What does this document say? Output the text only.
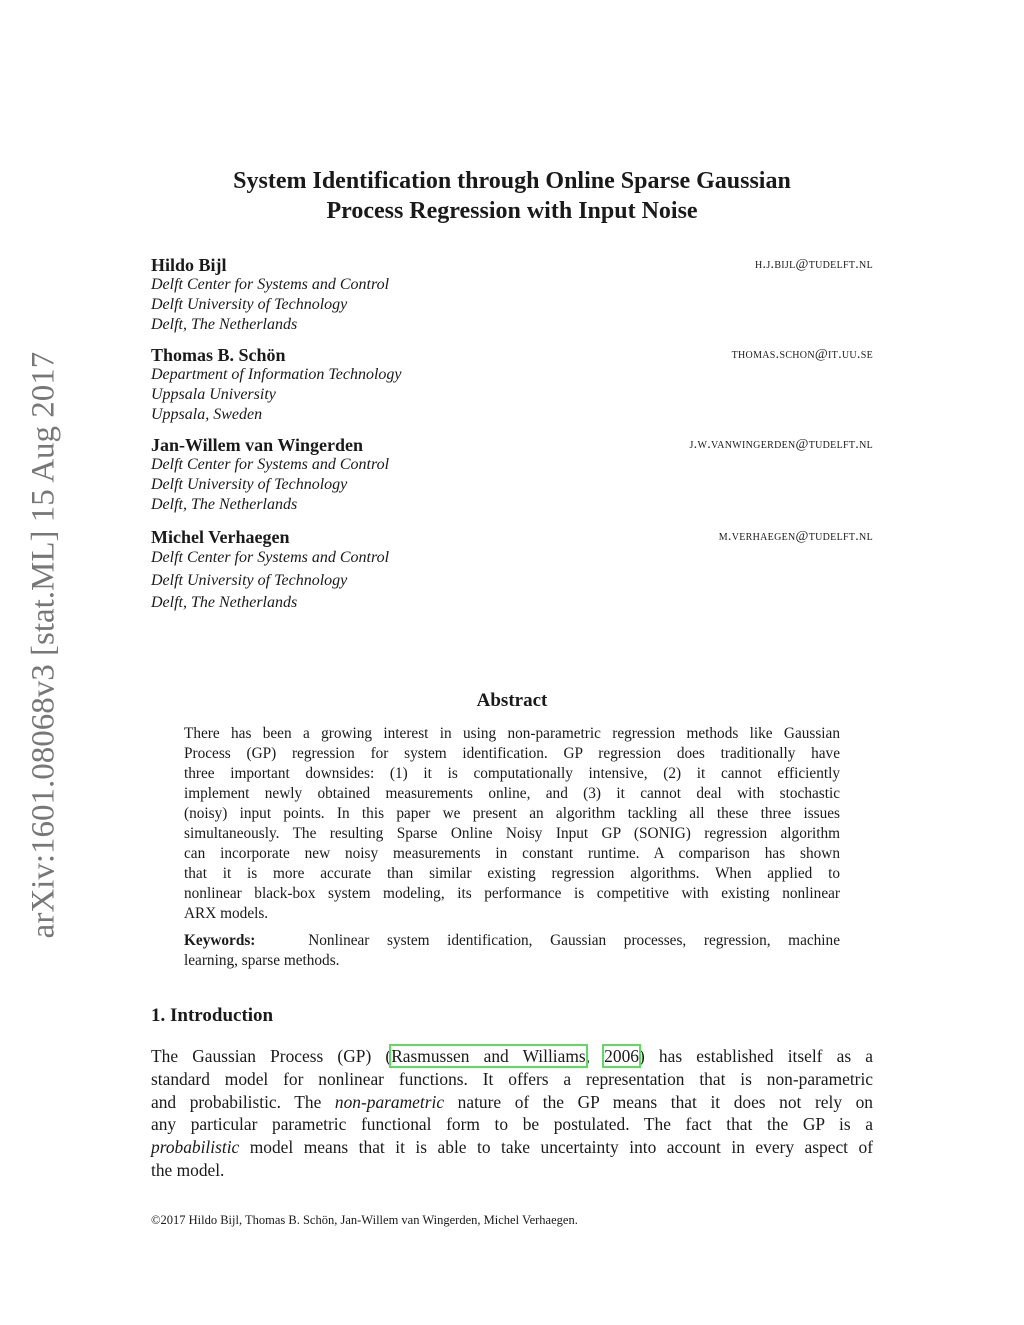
arXiv:1601.08068v3 [stat.ML] 15 Aug 2017
System Identification through Online Sparse Gaussian
Process Regression with Input Noise
Hildo Bijl	h.j.bijl@tudelft.nl
Delft Center for Systems and Control
Delft University of Technology
Delft, The Netherlands
Thomas B. Schön	thomas.schon@it.uu.se
Department of Information Technology
Uppsala University
Uppsala, Sweden
Jan-Willem van Wingerden	j.w.vanwingerden@tudelft.nl
Delft Center for Systems and Control
Delft University of Technology
Delft, The Netherlands
Michel Verhaegen	m.verhaegen@tudelft.nl
Delft Center for Systems and Control
Delft University of Technology
Delft, The Netherlands
Abstract
There has been a growing interest in using non-parametric regression methods like Gaussian
Process (GP) regression for system identification. GP regression does traditionally have
three important downsides: (1) it is computationally intensive, (2) it cannot efficiently
implement newly obtained measurements online, and (3) it cannot deal with stochastic
(noisy) input points. In this paper we present an algorithm tackling all these three issues
simultaneously. The resulting Sparse Online Noisy Input GP (SONIG) regression algorithm
can incorporate new noisy measurements in constant runtime. A comparison has shown
that it is more accurate than similar existing regression algorithms. When applied to
nonlinear black-box system modeling, its performance is competitive with existing nonlinear
ARX models.
Keywords:	Nonlinear system identification, Gaussian processes, regression, machine
learning, sparse methods.
1. Introduction
The Gaussian Process (GP) (Rasmussen and Williams, 2006) has established itself as a
standard model for nonlinear functions. It offers a representation that is non-parametric
and probabilistic. The non-parametric nature of the GP means that it does not rely on
any particular parametric functional form to be postulated. The fact that the GP is a
probabilistic model means that it is able to take uncertainty into account in every aspect of
the model.
©2017 Hildo Bijl, Thomas B. Schön, Jan-Willem van Wingerden, Michel Verhaegen.
